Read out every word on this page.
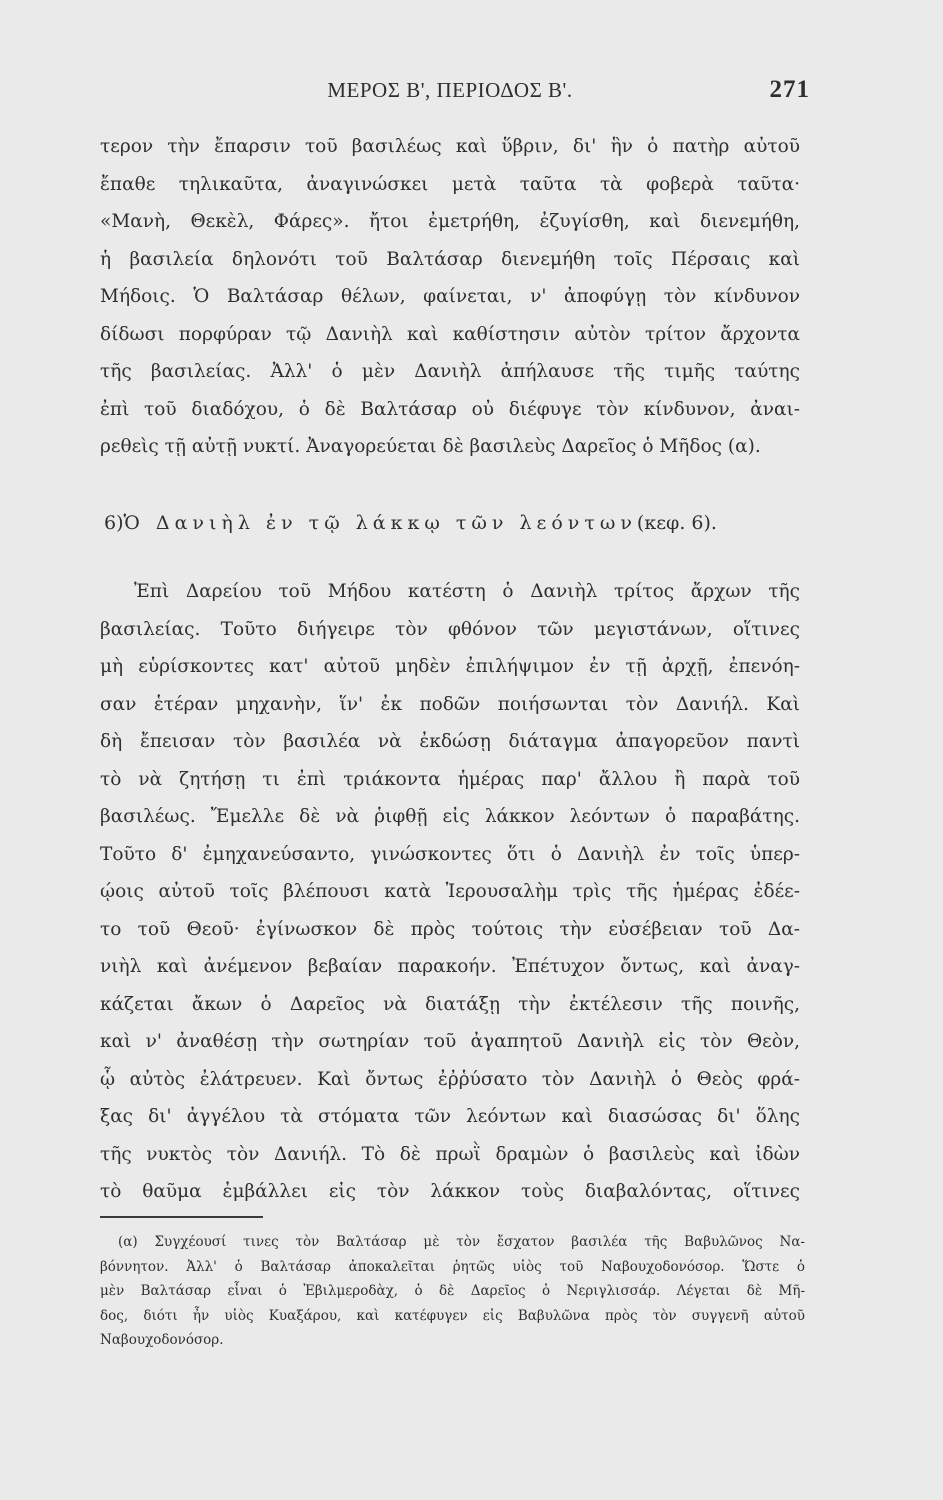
ΜΕΡΟΣ Β', ΠΕΡΙΟΔΟΣ Β'.	271
τερον τὴν ἔπαρσιν τοῦ βασιλέως καὶ ὕβριν, δι' ἣν ὁ πατὴρ αὐτοῦ
ἔπαθε τηλικαῦτα, ἀναγινώσκει μετὰ ταῦτα τὰ φοβερὰ ταῦτα·
«Μανὴ, Θεκὲλ, Φάρες». ἤτοι ἐμετρήθη, ἐζυγίσθη, καὶ διενεμήθη,
ἡ βασιλεία δηλονότι τοῦ Βαλτάσαρ διενεμήθη τοῖς Πέρσαις καὶ
Μήδοις. Ὁ Βαλτάσαρ θέλων, φαίνεται, ν' ἀποφύγῃ τὸν κίνδυνον
δίδωσι πορφύραν τῷ Δανιὴλ καὶ καθίστησιν αὐτὸν τρίτον ἄρχοντα
τῆς βασιλείας. Ἀλλ' ὁ μὲν Δανιὴλ ἀπήλαυσε τῆς τιμῆς ταύτης
ἐπὶ τοῦ διαδόχου, ὁ δὲ Βαλτάσαρ οὐ διέφυγε τὸν κίνδυνον, ἀναι-
ρεθεὶς τῇ αὐτῇ νυκτί. Ἀναγορεύεται δὲ βασιλεὺς Δαρεῖος ὁ Μῆδος (α).
6)Ὁ Δανιὴλ ἐν τῷ λάκκῳ τῶν λεόντων(κεφ. 6).
Ἐπὶ Δαρείου τοῦ Μήδου κατέστη ὁ Δανιὴλ τρίτος ἄρχων τῆς
βασιλείας. Τοῦτο διήγειρε τὸν φθόνον τῶν μεγιστάνων, οἵτινες
μὴ εὑρίσκοντες κατ' αὐτοῦ μηδὲν ἐπιλήψιμον ἐν τῇ ἀρχῇ, ἐπενόη-
σαν ἑτέραν μηχανὴν, ἵν' ἐκ ποδῶν ποιήσωνται τὸν Δανιήλ. Καὶ
δὴ ἔπεισαν τὸν βασιλέα νὰ ἐκδώσῃ διάταγμα ἀπαγορεῦον παντὶ
τὸ νὰ ζητήσῃ τι ἐπὶ τριάκοντα ἡμέρας παρ' ἄλλου ἢ παρὰ τοῦ
βασιλέως. Ἔμελλε δὲ νὰ ῥιφθῇ εἰς λάκκον λεόντων ὁ παραβάτης.
Τοῦτο δ' ἐμηχανεύσαντο, γινώσκοντες ὅτι ὁ Δανιὴλ ἐν τοῖς ὑπερ-
ῴοις αὐτοῦ τοῖς βλέπουσι κατὰ Ἱερουσαλὴμ τρὶς τῆς ἡμέρας ἐδέε-
το τοῦ Θεοῦ· ἐγίνωσκον δὲ πρὸς τούτοις τὴν εὐσέβειαν τοῦ Δα-
νιὴλ καὶ ἀνέμενον βεβαίαν παρακοήν. Ἐπέτυχον ὄντως, καὶ ἀναγ-
κάζεται ἄκων ὁ Δαρεῖος νὰ διατάξῃ τὴν ἐκτέλεσιν τῆς ποινῆς,
καὶ ν' ἀναθέσῃ τὴν σωτηρίαν τοῦ ἀγαπητοῦ Δανιὴλ εἰς τὸν Θεὸν,
ᾧ αὐτὸς ἐλάτρευεν. Καὶ ὄντως ἐῤῥύσατο τὸν Δανιὴλ ὁ Θεὸς φρά-
ξας δι' ἀγγέλου τὰ στόματα τῶν λεόντων καὶ διασώσας δι' ὅλης
τῆς νυκτὸς τὸν Δανιήλ. Τὸ δὲ πρωῒ δραμὼν ὁ βασιλεὺς καὶ ἰδὼν
τὸ θαῦμα ἐμβάλλει εἰς τὸν λάκκον τοὺς διαβαλόντας, οἵτινες
(α) Συγχέουσί τινες τὸν Βαλτάσαρ μὲ τὸν ἔσχατον βασιλέα τῆς Βαβυλῶνος Να-
βόννητον. Ἀλλ' ὁ Βαλτάσαρ ἀποκαλεῖται ῥητῶς υἱὸς τοῦ Ναβουχοδονόσορ. Ὥστε ὁ
μὲν Βαλτάσαρ εἶναι ὁ Ἐβιλμεροδὰχ, ὁ δὲ Δαρεῖος ὁ Νεριγλισσάρ. Λέγεται δὲ Μῆ-
δος, διότι ἦν υἱὸς Κυαξάρου, καὶ κατέφυγεν εἰς Βαβυλῶνα πρὸς τὸν συγγενῆ αὐτοῦ
Ναβουχοδονόσορ.
